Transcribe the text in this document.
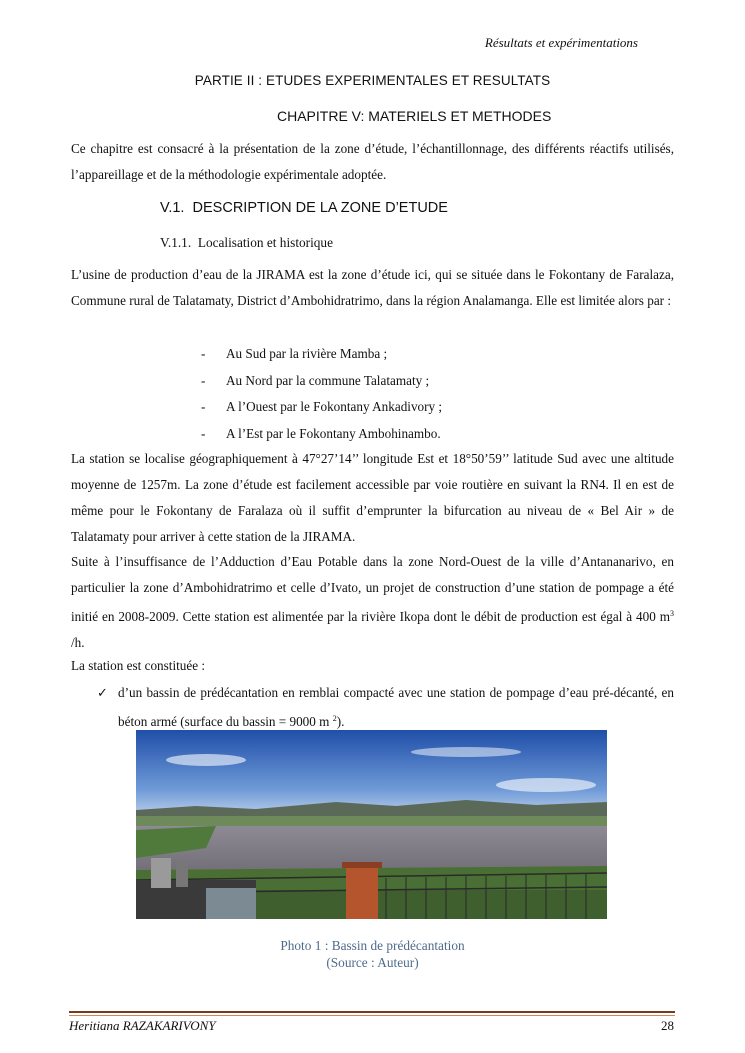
Résultats et expérimentations
PARTIE II : ETUDES EXPERIMENTALES ET RESULTATS
CHAPITRE V: MATERIELS ET METHODES
Ce chapitre est consacré à la présentation de la zone d’étude, l’échantillonnage, des différents réactifs utilisés, l’appareillage et de la méthodologie expérimentale adoptée.
V.1. DESCRIPTION DE LA ZONE D’ETUDE
V.1.1. Localisation et historique
L’usine de production d’eau de la JIRAMA est la zone d’étude ici, qui se située dans le Fokontany de Faralaza, Commune rural de Talatamaty, District d’Ambohidratrimo, dans la région Analamanga. Elle est limitée alors par :
- Au Sud par la rivière Mamba ;
- Au Nord par la commune Talatamaty ;
- A l’Ouest par le Fokontany Ankadivory ;
- A l’Est par le Fokontany Ambohinambo.
La station se localise géographiquement à 47°27’14’’ longitude Est et 18°50’59’’ latitude Sud avec une altitude moyenne de 1257m. La zone d’étude est facilement accessible par voie routière en suivant la RN4. Il en est de même pour le Fokontany de Faralaza où il suffit d’emprunter la bifurcation au niveau de « Bel Air » de Talatamaty pour arriver à cette station de la JIRAMA.
Suite à l’insuffisance de l’Adduction d’Eau Potable dans la zone Nord-Ouest de la ville d’Antananarivo, en particulier la zone d’Ambohidratrimo et celle d’Ivato, un projet de construction d’une station de pompage a été initié en 2008-2009. Cette station est alimentée par la rivière Ikopa dont le débit de production est égal à 400 $m^3$ /h.
La station est constituée :
✓ d’un bassin de prédécantation en remblai compacté avec une station de pompage d’eau pré-décanté, en béton armé (surface du bassin = 9000 m $^2$).
Photo 1 : Bassin de prédécantation
(Source : Auteur)
Heritiana RAZAKARIVONY	28
